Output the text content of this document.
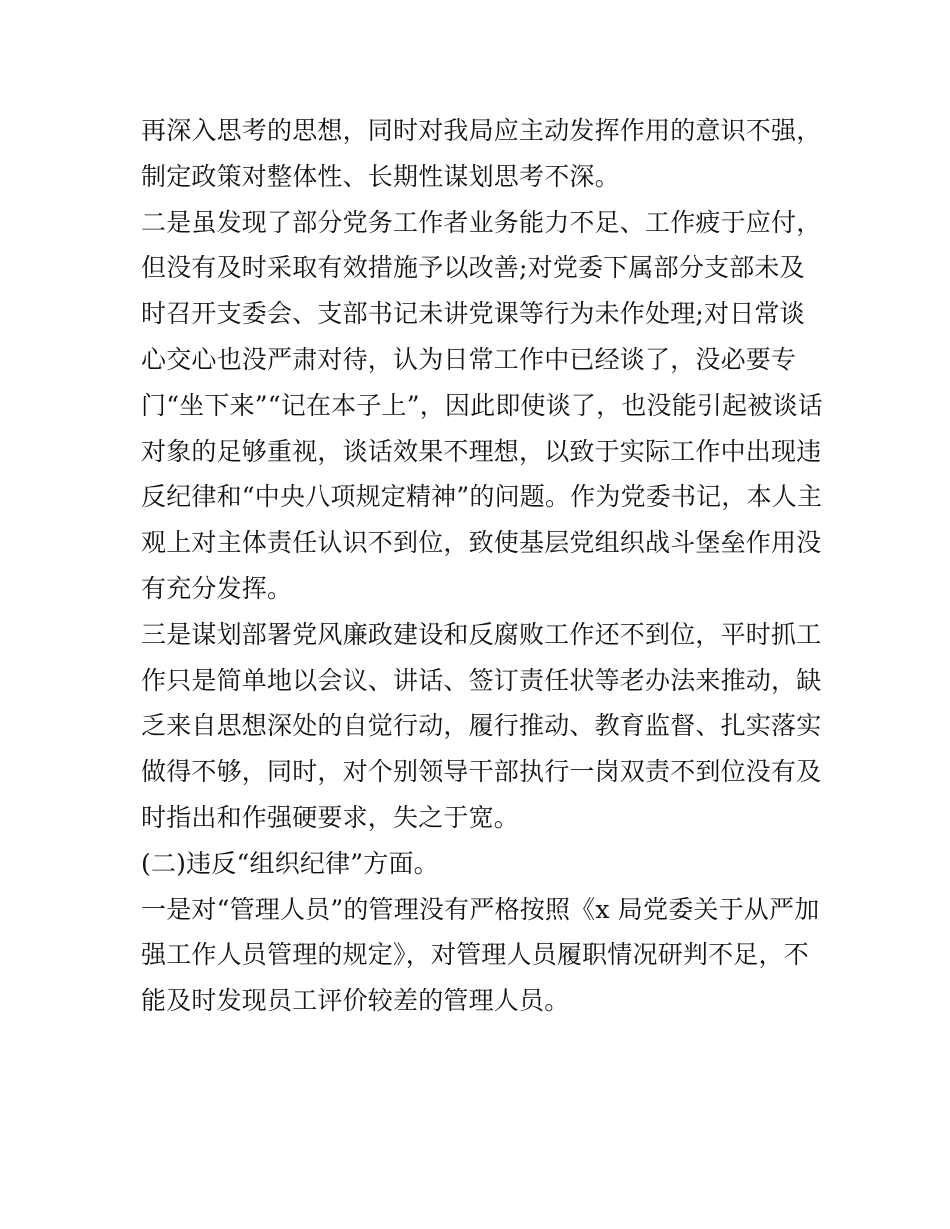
再深入思考的思想，同时对我局应主动发挥作用的意识不强，
制定政策对整体性、长期性谋划思考不深。
二是虽发现了部分党务工作者业务能力不足、工作疲于应付，
但没有及时采取有效措施予以改善;对党委下属部分支部未及
时召开支委会、支部书记未讲党课等行为未作处理;对日常谈
心交心也没严肃对待，认为日常工作中已经谈了，没必要专
门“坐下来”“记在本子上”，因此即使谈了，也没能引起被谈话
对象的足够重视，谈话效果不理想，以致于实际工作中出现违
反纪律和“中央八项规定精神”的问题。作为党委书记，本人主
观上对主体责任认识不到位，致使基层党组织战斗堡垒作用没
有充分发挥。
三是谋划部署党风廉政建设和反腐败工作还不到位，平时抓工
作只是简单地以会议、讲话、签订责任状等老办法来推动，缺
乏来自思想深处的自觉行动，履行推动、教育监督、扎实落实
做得不够，同时，对个别领导干部执行一岗双责不到位没有及
时指出和作强硬要求，失之于宽。
(二)违反“组织纪律”方面。
一是对“管理人员”的管理没有严格按照《x 局党委关于从严加
强工作人员管理的规定》，对管理人员履职情况研判不足，不
能及时发现员工评价较差的管理人员。
